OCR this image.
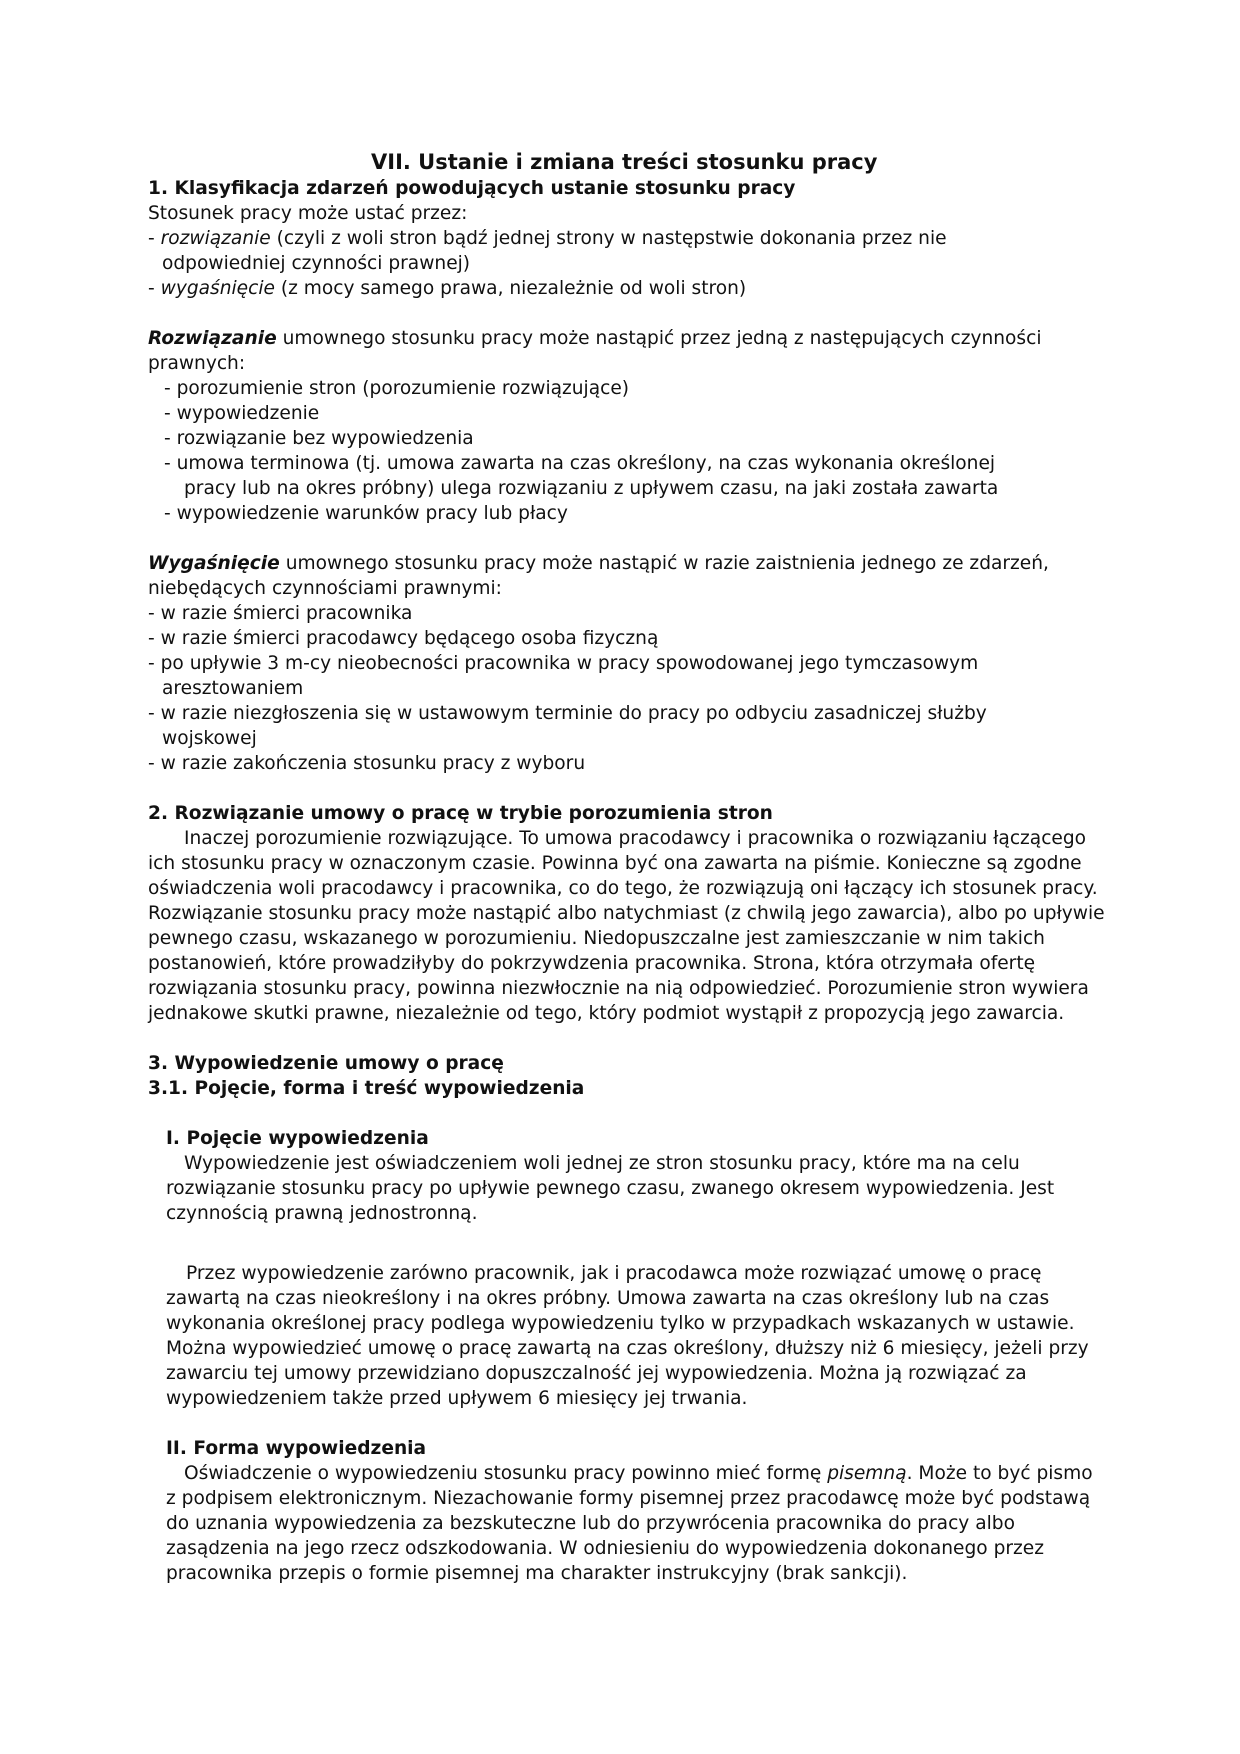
VII. Ustanie i zmiana treści stosunku pracy
1. Klasyfikacja zdarzeń powodujących ustanie stosunku pracy
Stosunek pracy może ustać przez:
- rozwiązanie (czyli z woli stron bądź jednej strony w następstwie dokonania przez nie
odpowiedniej czynności prawnej)
- wygaśnięcie (z mocy samego prawa, niezależnie od woli stron)
Rozwiązanie umownego stosunku pracy może nastąpić przez jedną z następujących czynności
prawnych:
- porozumienie stron (porozumienie rozwiązujące)
- wypowiedzenie
- rozwiązanie bez wypowiedzenia
- umowa terminowa (tj. umowa zawarta na czas określony, na czas wykonania określonej
pracy lub na okres próbny) ulega rozwiązaniu z upływem czasu, na jaki została zawarta
- wypowiedzenie warunków pracy lub płacy
Wygaśnięcie umownego stosunku pracy może nastąpić w razie zaistnienia jednego ze zdarzeń,
niebędących czynnościami prawnymi:
- w razie śmierci pracownika
- w razie śmierci pracodawcy będącego osoba fizyczną
- po upływie 3 m-cy nieobecności pracownika w pracy spowodowanej jego tymczasowym
aresztowaniem
- w razie niezgłoszenia się w ustawowym terminie do pracy po odbyciu zasadniczej służby
wojskowej
- w razie zakończenia stosunku pracy z wyboru
2. Rozwiązanie umowy o pracę w trybie porozumienia stron
Inaczej porozumienie rozwiązujące. To umowa pracodawcy i pracownika o rozwiązaniu łączącego
ich stosunku pracy w oznaczonym czasie. Powinna być ona zawarta na piśmie. Konieczne są zgodne
oświadczenia woli pracodawcy i pracownika, co do tego, że rozwiązują oni łączący ich stosunek pracy.
Rozwiązanie stosunku pracy może nastąpić albo natychmiast (z chwilą jego zawarcia), albo po upływie
pewnego czasu, wskazanego w porozumieniu. Niedopuszczalne jest zamieszczanie w nim takich
postanowień, które prowadziłyby do pokrzywdzenia pracownika. Strona, która otrzymała ofertę
rozwiązania stosunku pracy, powinna niezwłocznie na nią odpowiedzieć. Porozumienie stron wywiera
jednakowe skutki prawne, niezależnie od tego, który podmiot wystąpił z propozycją jego zawarcia.
3. Wypowiedzenie umowy o pracę
3.1. Pojęcie, forma i treść wypowiedzenia
I. Pojęcie wypowiedzenia
Wypowiedzenie jest oświadczeniem woli jednej ze stron stosunku pracy, które ma na celu
rozwiązanie stosunku pracy po upływie pewnego czasu, zwanego okresem wypowiedzenia. Jest
czynnością prawną jednostronną.
Przez wypowiedzenie zarówno pracownik, jak i pracodawca może rozwiązać umowę o pracę
zawartą na czas nieokreślony i na okres próbny. Umowa zawarta na czas określony lub na czas
wykonania określonej pracy podlega wypowiedzeniu tylko w przypadkach wskazanych w ustawie.
Można wypowiedzieć umowę o pracę zawartą na czas określony, dłuższy niż 6 miesięcy, jeżeli przy
zawarciu tej umowy przewidziano dopuszczalność jej wypowiedzenia. Można ją rozwiązać za
wypowiedzeniem także przed upływem 6 miesięcy jej trwania.
II. Forma wypowiedzenia
Oświadczenie o wypowiedzeniu stosunku pracy powinno mieć formę pisemną. Może to być pismo
z podpisem elektronicznym. Niezachowanie formy pisemnej przez pracodawcę może być podstawą
do uznania wypowiedzenia za bezskuteczne lub do przywrócenia pracownika do pracy albo
zasądzenia na jego rzecz odszkodowania. W odniesieniu do wypowiedzenia dokonanego przez
pracownika przepis o formie pisemnej ma charakter instrukcyjny (brak sankcji).
